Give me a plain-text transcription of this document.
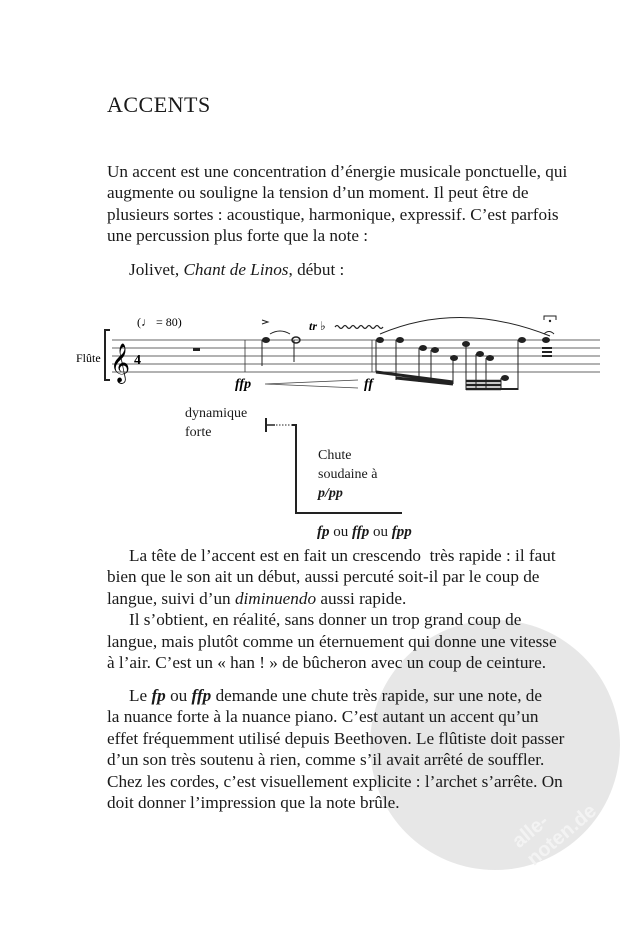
alle-noten.de
ACCENTS
Un accent est une concentration d’énergie musicale ponctuelle, qui
augmente ou souligne la tension d’un moment. Il peut être de
plusieurs sortes : acoustique, harmonique, expressif. C’est parfois
une percussion plus forte que la note :
Jolivet, Chant de Linos, début :
𝄞 4
Flûte
(♩ = 80)	tr ♭
ffp	ff
dynamique
forte
Chute
soudaine à
p/pp
fp ou ffp ou fpp
La tête de l’accent est en fait un crescendo  très rapide : il faut
bien que le son ait un début, aussi percuté soit-il par le coup de
langue, suivi d’un diminuendo aussi rapide.
Il s’obtient, en réalité, sans donner un trop grand coup de
langue, mais plutôt comme un éternuement qui donne une vitesse
à l’air. C’est un « han ! » de bûcheron avec un coup de ceinture.
Le fp ou ffp demande une chute très rapide, sur une note, de
la nuance forte à la nuance piano. C’est autant un accent qu’un
effet fréquemment utilisé depuis Beethoven. Le flûtiste doit passer
d’un son très soutenu à rien, comme s’il avait arrêté de souffler.
Chez les cordes, c’est visuellement explicite : l’archet s’arrête. On
doit donner l’impression que la note brûle.
